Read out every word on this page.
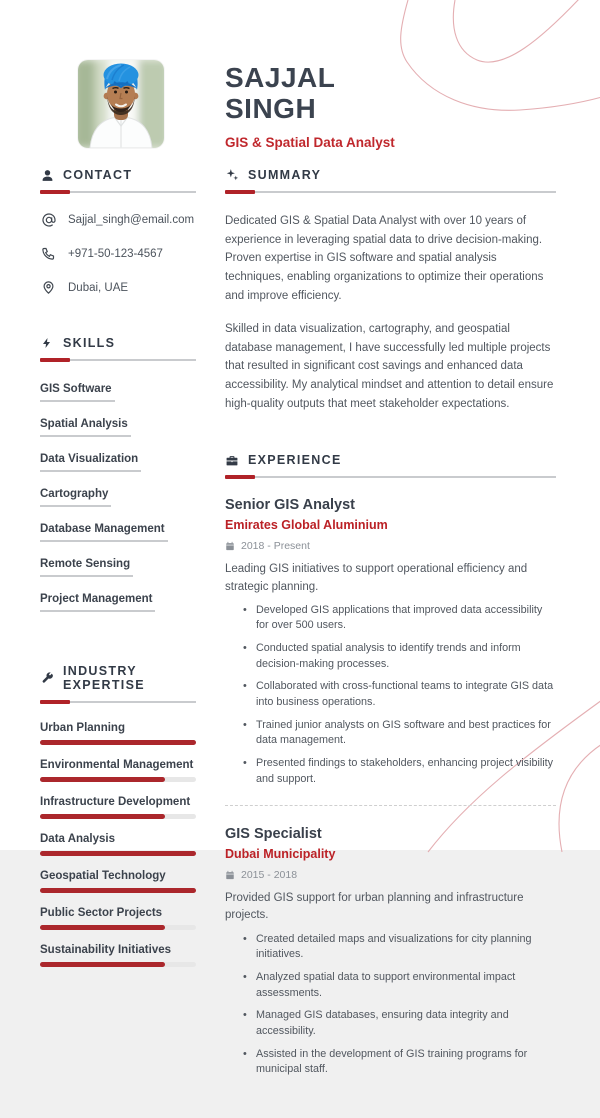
SAJJAL
SINGH
GIS & Spatial Data Analyst
CONTACT
Sajjal_singh@email.com
+971-50-123-4567
Dubai, UAE
SKILLS
GIS Software Spatial Analysis Data Visualization Cartography Database Management Remote Sensing Project Management
INDUSTRY EXPERTISE
Urban Planning
Environmental Management
Infrastructure Development
Data Analysis
Geospatial Technology
Public Sector Projects
Sustainability Initiatives
SUMMARY

Dedicated GIS & Spatial Data Analyst with over 10 years of experience in leveraging spatial data to drive decision-making. Proven expertise in GIS software and spatial analysis techniques, enabling organizations to optimize their operations and improve efficiency.

Skilled in data visualization, cartography, and geospatial database management, I have successfully led multiple projects that resulted in significant cost savings and enhanced data accessibility. My analytical mindset and attention to detail ensure high-quality outputs that meet stakeholder expectations.

EXPERIENCE
Senior GIS Analyst
Emirates Global Aluminium
2018 - Present

Leading GIS initiatives to support operational efficiency and strategic planning.

• Developed GIS applications that improved data accessibility for over 500 users.
• Conducted spatial analysis to identify trends and inform decision-making processes.
• Collaborated with cross-functional teams to integrate GIS data into business operations.
• Trained junior analysts on GIS software and best practices for data management.
• Presented findings to stakeholders, enhancing project visibility and support.
GIS Specialist
Dubai Municipality
2015 - 2018

Provided GIS support for urban planning and infrastructure projects.

• Created detailed maps and visualizations for city planning initiatives.
• Analyzed spatial data to support environmental impact assessments.
• Managed GIS databases, ensuring data integrity and accessibility.
• Assisted in the development of GIS training programs for municipal staff.
